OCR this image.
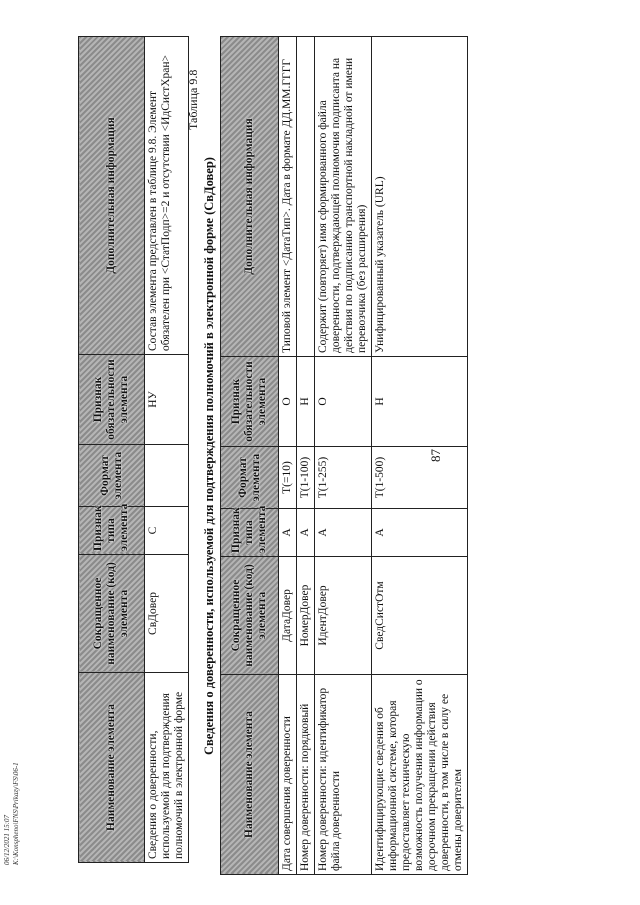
06/12/2021 15:07 K:\Konspheno\FNS\Prikazy\FS\06-1
87
Наименование элемента	Сокращенное наименование (код) элемента	Признак типа элемента	Формат элемента	Признак обязательности элемента	Дополнительная информация
Сведения о доверенности, используемой для подтверждения полномочий в электронной форме	СвДовер	С		НУ	Состав элемента представлен в таблице 9.8. Элемент обязателен при <СтатПодп>=2 и отсутствии <ИдСистХран> Таблица 9.8
Сведения о доверенности, используемой для подтверждения полномочий в электронной форме (СвДовер)
Наименование элемента	Сокращенное наименование (код) элемента	Признак типа элемента	Формат элемента	Признак обязательности элемента	Дополнительная информация
Дата совершения доверенности	ДатаДовер	А	T(=10)	О	Типовой элемент <ДатаТип>. Дата в формате ДД.ММ.ГГГГ
Номер доверенности: порядковый	НомерДовер	А	T(1-100)	Н	
Номер доверенности: идентификатор файла доверенности	ИдентДовер	А	T(1-255)	О	Содержит (повторяет) имя сформированного файла доверенности, подтверждающей полномочия подписанта на действия по подписанию транспортной накладной от имени перевозчика (без расширения)
Идентифицирующие сведения об информационной системе, которая предоставляет техническую возможность получения информации о досрочном прекращении действия доверенности, в том числе в силу ее отмены доверителем	СведСистОтм	А	T(1-500)	Н	Унифицированный указатель (URL)
